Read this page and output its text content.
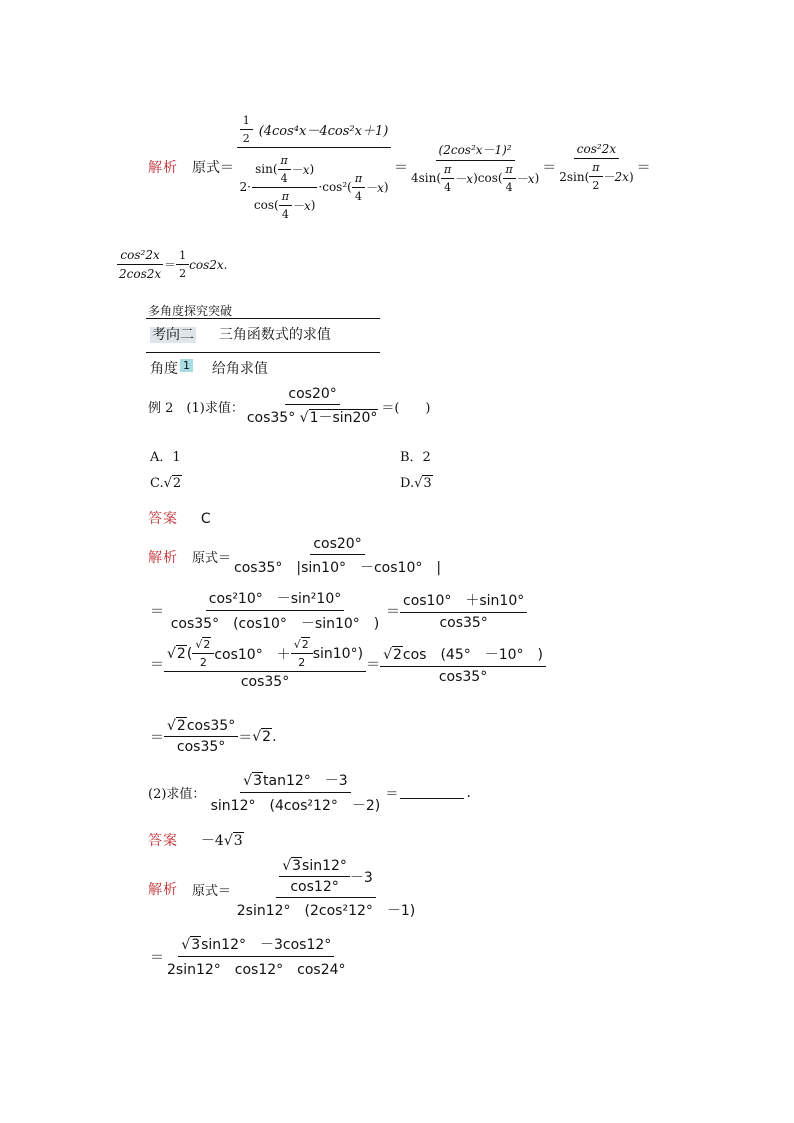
解析 原式＝
$\frac{1}{2} (4\cos^4x-4\cos^2x+1)$
$2\cdot \frac{\sin ( \frac{\pi}{4} -x )}{\cos ( \frac{\pi}{4} -x )} \cdot\cos^2$ ( $\frac{\pi}{4} -x$ )
＝ $\frac{\text{(2cos²x－1)²}}{4\sin ( \frac{\pi}{4} -x ) \cos ( \frac{\pi}{4} -x )} = \frac{\text{cos²2x}}{2\sin ( \frac{\pi}{2} -2x )}$ ＝
$\frac{\text{cos²2x}}{2\cos 2x} = \frac{1}{2} \cos 2x$.
多角度探究突破
考向二 三角函数式的求值
角度 1 给角求值
例 2　(1)求值： $\frac{\cos 20^\circ}{\cos 35^\circ √1-\sin 20^\circ}$ ＝(　　)
A．1	B．2
C.√2	D.√3
答案 C
解析 原式＝ $\frac{\cos 20^\circ}{\cos 35^\circ |\sin 10^\circ -\cos 10^\circ |}$
＝ $\frac{\text{cos²10°　－sin²10°}}{\cos 35^\circ (\cos 10^\circ -\sin 10^\circ )} = \frac{\cos 10^\circ +\sin 10^\circ}{\cos 35^\circ}$
＝ $\frac{√ 2 ( \frac{√2}{2} \cos 10^\circ + \frac{√2}{2} \sin 10^\circ )}{\cos 35^\circ} = \frac{√2\cos (45^\circ -10^\circ )}{\cos 35^\circ}$
＝ $\frac{√2\cos 35^\circ}{\cos 35^\circ} = √2$.
(2)求值： $\frac{√3\tan 12^\circ -3}{\text{sin12°　(4cos²12°　－2)}}$ ＝	.
答案 －4√3
解析 原式＝ $\frac{\frac{√3\sin 12^\circ}{\cos 12^\circ} -3}{\text{2sin12°　(2cos²12°　－1)}}$
＝ $\frac{√3\sin 12^\circ -3\cos 12^\circ}{2\sin 12^\circ \cos 12^\circ \cos 24^\circ}$
